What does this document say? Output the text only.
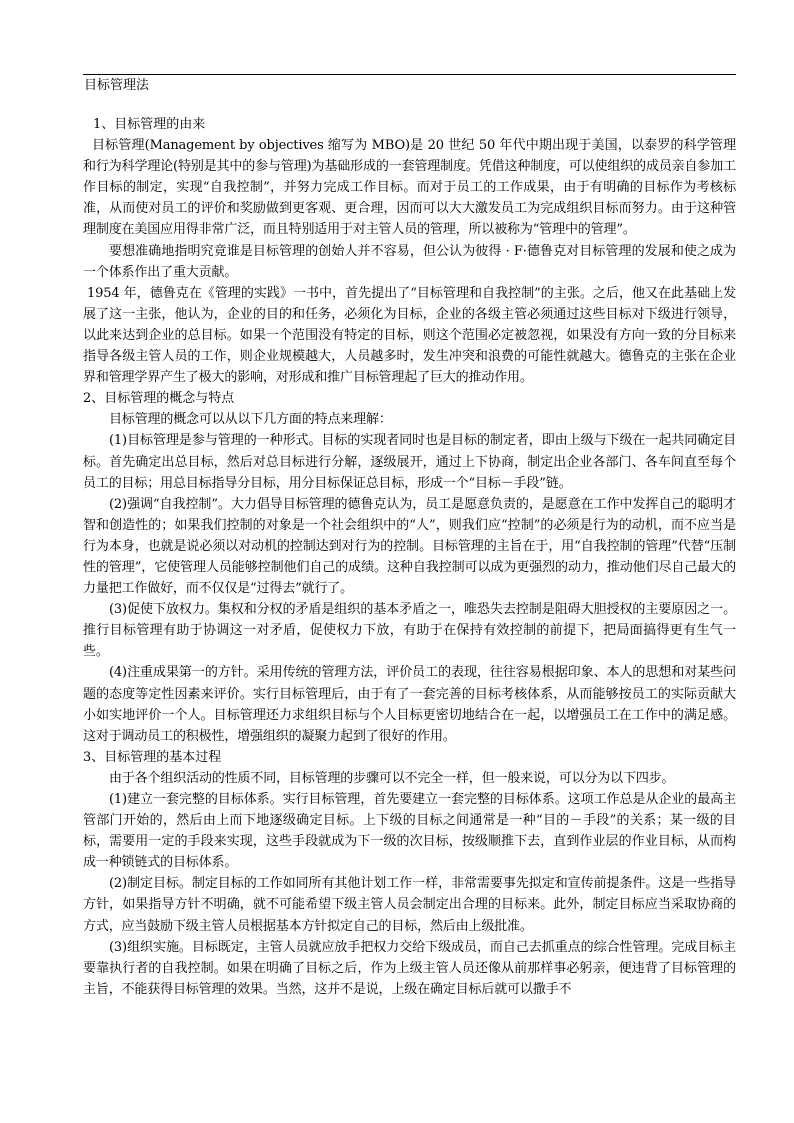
目标管理法

1、目标管理的由来

目标管理(Management by objectives 缩写为 MBO)是 20 世纪 50 年代中期出现于美国，以泰罗的科学管理和行为科学理论(特别是其中的参与管理)为基础形成的一套管理制度。凭借这种制度，可以使组织的成员亲自参加工作目标的制定，实现“自我控制”，并努力完成工作目标。而对于员工的工作成果，由于有明确的目标作为考核标准，从而使对员工的评价和奖励做到更客观、更合理，因而可以大大激发员工为完成组织目标而努力。由于这种管理制度在美国应用得非常广泛，而且特别适用于对主管人员的管理，所以被称为“管理中的管理”。

要想准确地指明究竟谁是目标管理的创始人并不容易，但公认为彼得 · F·德鲁克对目标管理的发展和使之成为一个体系作出了重大贡献。

1954 年，德鲁克在《管理的实践》一书中，首先提出了“目标管理和自我控制”的主张。之后，他又在此基础上发展了这一主张，他认为，企业的目的和任务，必须化为目标，企业的各级主管必须通过这些目标对下级进行领导，以此来达到企业的总目标。如果一个范围没有特定的目标，则这个范围必定被忽视，如果没有方向一致的分目标来指导各级主管人员的工作，则企业规模越大，人员越多时，发生冲突和浪费的可能性就越大。德鲁克的主张在企业界和管理学界产生了极大的影响，对形成和推广目标管理起了巨大的推动作用。

2、目标管理的概念与特点

目标管理的概念可以从以下几方面的特点来理解：

(1)目标管理是参与管理的一种形式。目标的实现者同时也是目标的制定者，即由上级与下级在一起共同确定目标。首先确定出总目标，然后对总目标进行分解，逐级展开，通过上下协商，制定出企业各部门、各车间直至每个员工的目标；用总目标指导分目标，用分目标保证总目标，形成一个“目标－手段”链。

(2)强调“自我控制”。大力倡导目标管理的德鲁克认为，员工是愿意负责的，是愿意在工作中发挥自己的聪明才智和创造性的；如果我们控制的对象是一个社会组织中的“人”，则我们应“控制”的必须是行为的动机，而不应当是行为本身，也就是说必须以对动机的控制达到对行为的控制。目标管理的主旨在于，用“自我控制的管理”代替“压制性的管理”，它使管理人员能够控制他们自己的成绩。这种自我控制可以成为更强烈的动力，推动他们尽自己最大的力量把工作做好，而不仅仅是“过得去”就行了。

(3)促使下放权力。集权和分权的矛盾是组织的基本矛盾之一，唯恐失去控制是阻碍大胆授权的主要原因之一。推行目标管理有助于协调这一对矛盾，促使权力下放，有助于在保持有效控制的前提下，把局面搞得更有生气一些。

(4)注重成果第一的方针。采用传统的管理方法，评价员工的表现，往往容易根据印象、本人的思想和对某些问题的态度等定性因素来评价。实行目标管理后，由于有了一套完善的目标考核体系，从而能够按员工的实际贡献大小如实地评价一个人。目标管理还力求组织目标与个人目标更密切地结合在一起，以增强员工在工作中的满足感。这对于调动员工的积极性，增强组织的凝聚力起到了很好的作用。

3、目标管理的基本过程

由于各个组织活动的性质不同，目标管理的步骤可以不完全一样，但一般来说，可以分为以下四步。

(1)建立一套完整的目标体系。实行目标管理，首先要建立一套完整的目标体系。这项工作总是从企业的最高主管部门开始的，然后由上而下地逐级确定目标。上下级的目标之间通常是一种“目的－手段”的关系；某一级的目标，需要用一定的手段来实现，这些手段就成为下一级的次目标，按级顺推下去，直到作业层的作业目标，从而构成一种锁链式的目标体系。

(2)制定目标。制定目标的工作如同所有其他计划工作一样，非常需要事先拟定和宣传前提条件。这是一些指导方针，如果指导方针不明确，就不可能希望下级主管人员会制定出合理的目标来。此外，制定目标应当采取协商的方式，应当鼓励下级主管人员根据基本方针拟定自己的目标，然后由上级批准。

(3)组织实施。目标既定，主管人员就应放手把权力交给下级成员，而自己去抓重点的综合性管理。完成目标主要靠执行者的自我控制。如果在明确了目标之后，作为上级主管人员还像从前那样事必躬亲，便违背了目标管理的主旨，不能获得目标管理的效果。当然，这并不是说，上级在确定目标后就可以撒手不
